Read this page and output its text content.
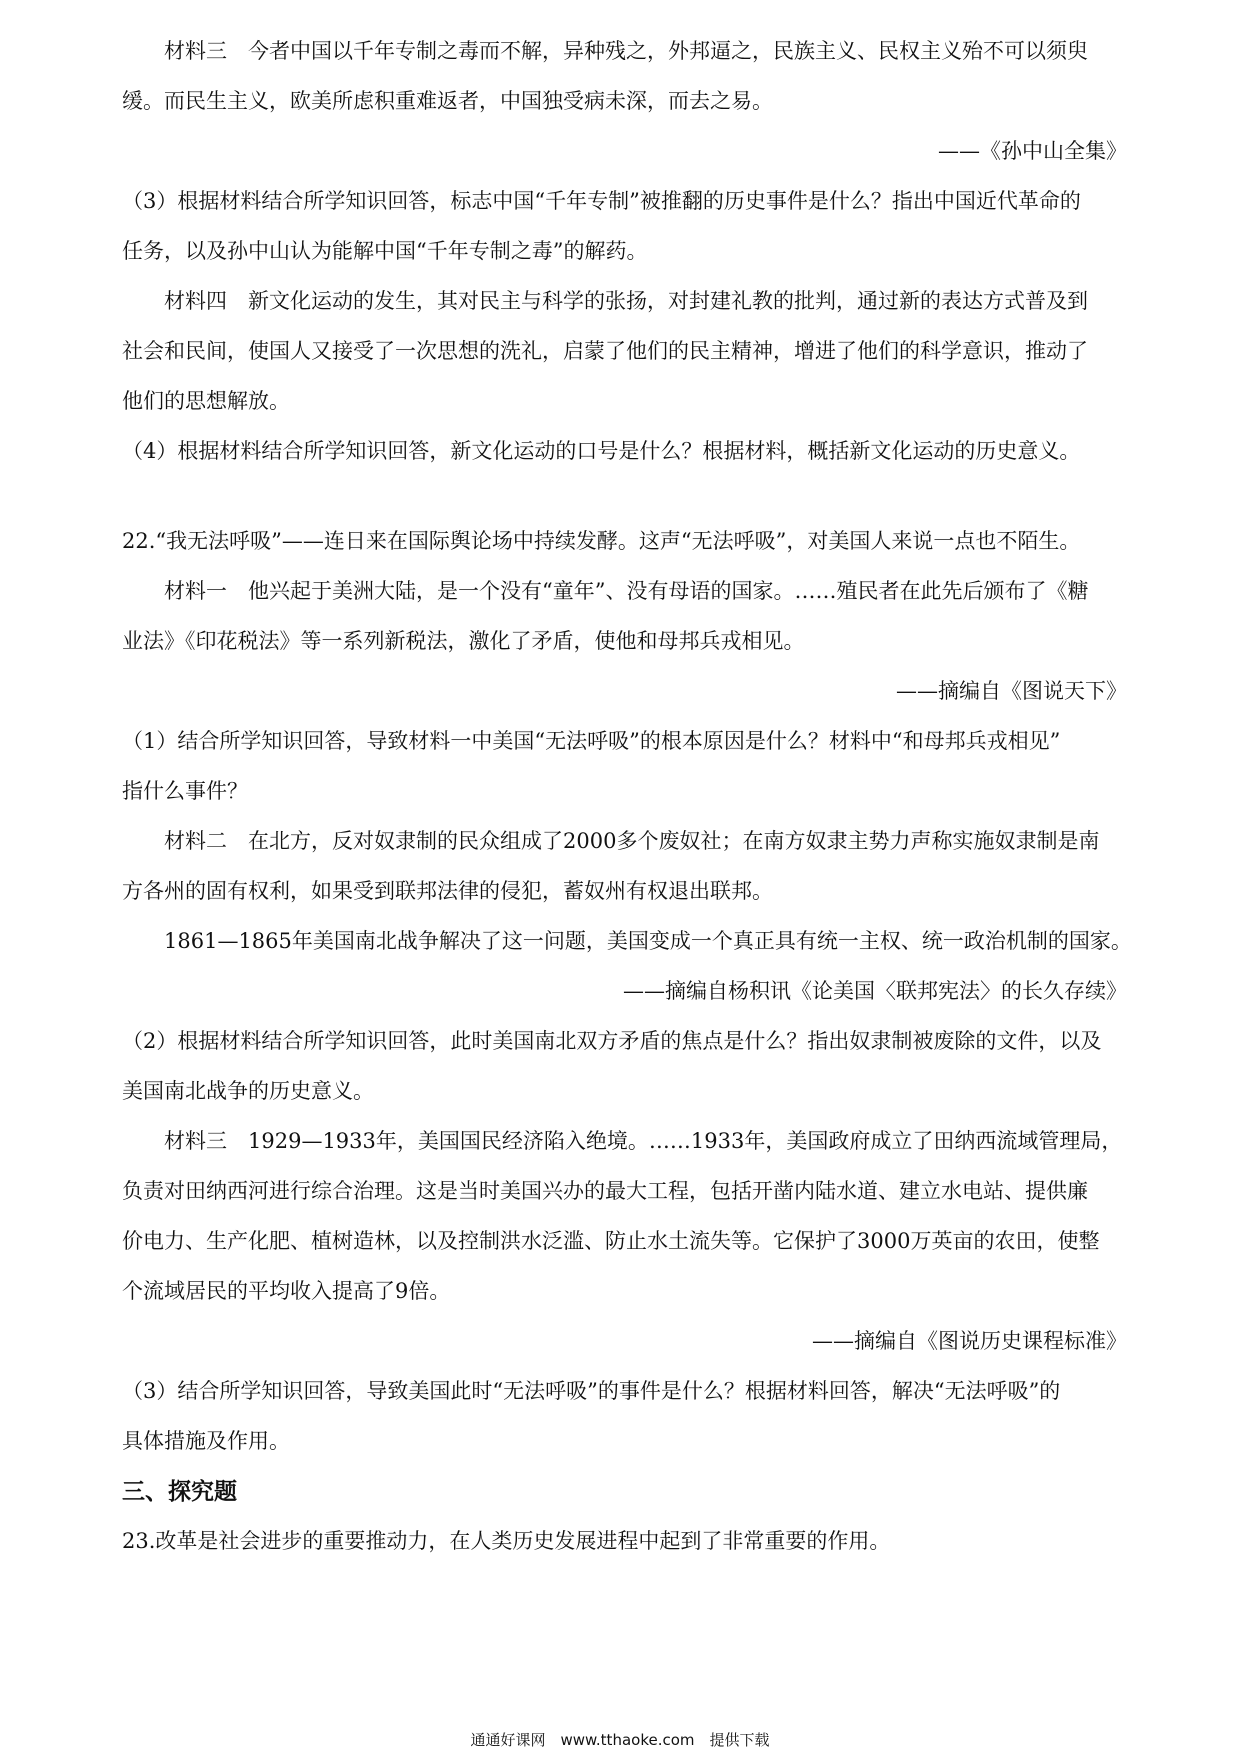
材料三　今者中国以千年专制之毒而不解，异种残之，外邦逼之，民族主义、民权主义殆不可以须臾
缓。而民生主义，欧美所虑积重难返者，中国独受病未深，而去之易。
——《孙中山全集》
（3）根据材料结合所学知识回答，标志中国“千年专制”被推翻的历史事件是什么？指出中国近代革命的
任务，以及孙中山认为能解中国“千年专制之毒”的解药。
材料四　新文化运动的发生，其对民主与科学的张扬，对封建礼教的批判，通过新的表达方式普及到
社会和民间，使国人又接受了一次思想的洗礼，启蒙了他们的民主精神，增进了他们的科学意识，推动了
他们的思想解放。
（4）根据材料结合所学知识回答，新文化运动的口号是什么？根据材料，概括新文化运动的历史意义。
22.“我无法呼吸”——连日来在国际舆论场中持续发酵。这声“无法呼吸”，对美国人来说一点也不陌生。
材料一　他兴起于美洲大陆，是一个没有“童年”、没有母语的国家。……殖民者在此先后颁布了《糖
业法》《印花税法》等一系列新税法，激化了矛盾，使他和母邦兵戎相见。
——摘编自《图说天下》
（1）结合所学知识回答，导致材料一中美国“无法呼吸”的根本原因是什么？材料中“和母邦兵戎相见”
指什么事件？
材料二　在北方，反对奴隶制的民众组成了2000多个废奴社；在南方奴隶主势力声称实施奴隶制是南
方各州的固有权利，如果受到联邦法律的侵犯，蓄奴州有权退出联邦。
1861—1865年美国南北战争解决了这一问题，美国变成一个真正具有统一主权、统一政治机制的国家。
——摘编自杨积讯《论美国〈联邦宪法〉的长久存续》
（2）根据材料结合所学知识回答，此时美国南北双方矛盾的焦点是什么？指出奴隶制被废除的文件，以及
美国南北战争的历史意义。
材料三　1929—1933年，美国国民经济陷入绝境。……1933年，美国政府成立了田纳西流域管理局，
负责对田纳西河进行综合治理。这是当时美国兴办的最大工程，包括开凿内陆水道、建立水电站、提供廉
价电力、生产化肥、植树造林，以及控制洪水泛滥、防止水土流失等。它保护了3000万英亩的农田，使整
个流域居民的平均收入提高了9倍。
——摘编自《图说历史课程标准》
（3）结合所学知识回答，导致美国此时“无法呼吸”的事件是什么？根据材料回答，解决“无法呼吸”的
具体措施及作用。
三、探究题
23.改革是社会进步的重要推动力，在人类历史发展进程中起到了非常重要的作用。
通通好课网　www.tthaoke.com　提供下载
